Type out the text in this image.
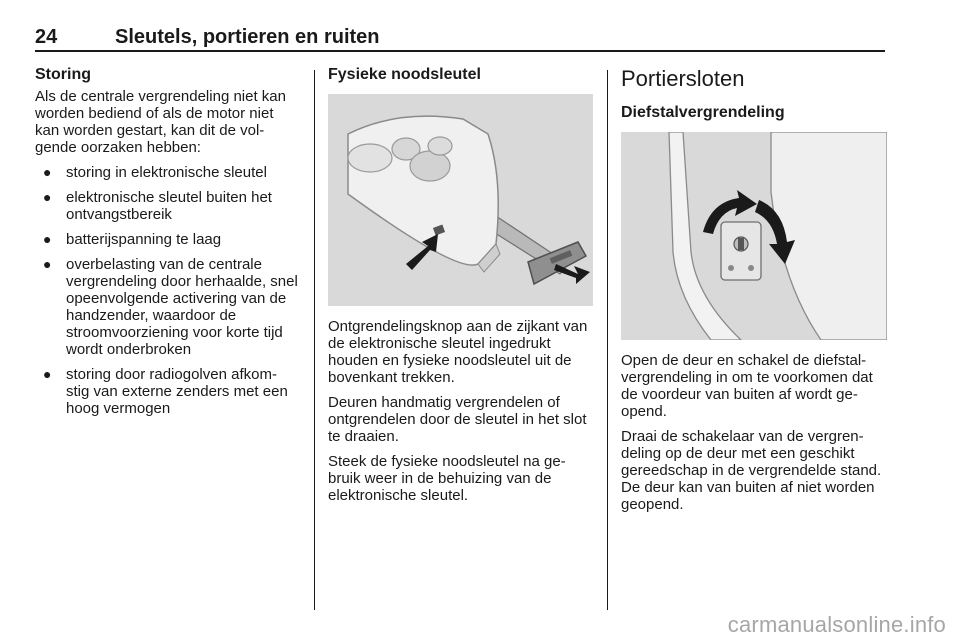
24	Sleutels, portieren en ruiten
Storing

Als de centrale vergrendeling niet kan worden bediend of als de motor niet kan worden gestart, kan dit de vol- gende oorzaken hebben:

● storing in elektronische sleutel
● elektronische sleutel buiten het ontvangstbereik
● batterijspanning te laag
● overbelasting van de centrale vergrendeling door herhaalde, snel opeenvolgende activering van de handzender, waardoor de stroomvoorziening voor korte tijd wordt onderbroken
● storing door radiogolven afkom- stig van externe zenders met een hoog vermogen
Fysieke noodsleutel

Ontgrendelingsknop aan de zijkant van de elektronische sleutel ingedrukt houden en fysieke noodsleutel uit de bovenkant trekken.

Deuren handmatig vergrendelen of ontgrendelen door de sleutel in het slot te draaien.

Steek de fysieke noodsleutel na ge- bruik weer in de behuizing van de elektronische sleutel.

Portiersloten
Diefstalvergrendeling

Open de deur en schakel de diefstal- vergrendeling in om te voorkomen dat de voordeur van buiten af wordt ge- opend.

Draai de schakelaar van de vergren- deling op de deur met een geschikt gereedschap in de vergrendelde stand. De deur kan van buiten af niet worden geopend.

carmanualsonline.info
